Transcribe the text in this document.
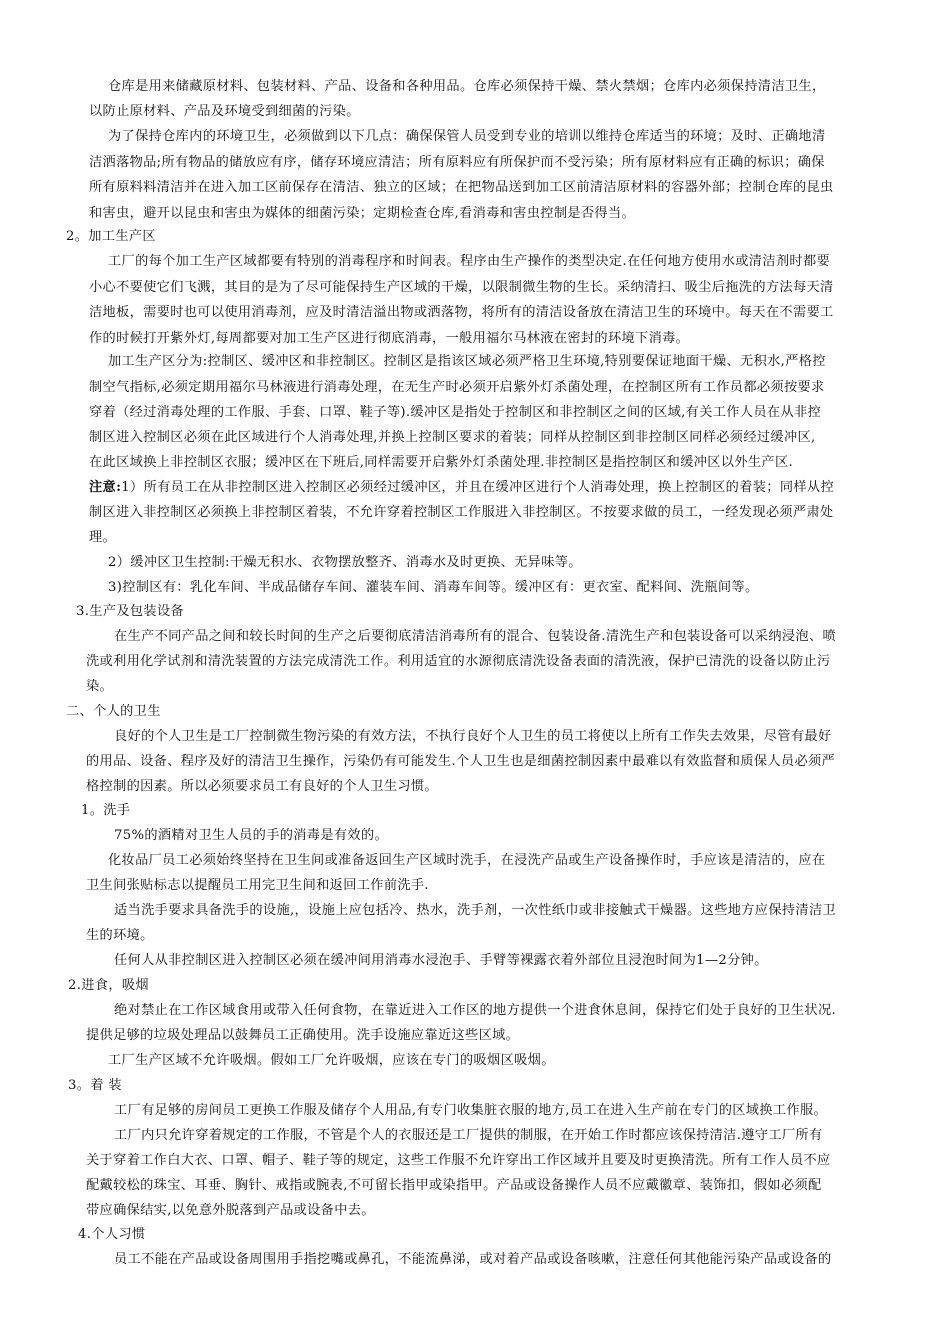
仓库是用来储藏原材料、包装材料、产品、设备和各种用品。仓库必须保持干燥、禁火禁烟；仓库内必须保持清洁卫生，
以防止原材料、产品及环境受到细菌的污染。
为了保持仓库内的环境卫生，必须做到以下几点：确保保管人员受到专业的培训以维持仓库适当的环境；及时、正确地清
洁洒落物品;所有物品的储放应有序，储存环境应清洁；所有原料应有所保护而不受污染；所有原材料应有正确的标识；确保
所有原料料清洁并在进入加工区前保存在清洁、独立的区域；在把物品送到加工区前清洁原材料的容器外部；控制仓库的昆虫
和害虫，避开以昆虫和害虫为媒体的细菌污染；定期检查仓库,看消毒和害虫控制是否得当。
2。加工生产区
工厂的每个加工生产区域都要有特别的消毒程序和时间表。程序由生产操作的类型决定.在任何地方使用水或清洁剂时都要
小心不要使它们飞溅，其目的是为了尽可能保持生产区域的干燥，以限制微生物的生长。采纳清扫、吸尘后拖洗的方法每天清
洁地板，需要时也可以使用消毒剂，应及时清洁溢出物或洒落物，将所有的清洁设备放在清洁卫生的环境中。每天在不需要工
作的时候打开紫外灯,每周都要对加工生产区进行彻底消毒，一般用福尔马林液在密封的环境下消毒。
加工生产区分为:控制区、缓冲区和非控制区。控制区是指该区域必须严格卫生环境,特别要保证地面干燥、无积水,严格控
制空气指标,必须定期用福尔马林液进行消毒处理，在无生产时必须开启紫外灯杀菌处理，在控制区所有工作员都必须按要求
穿着（经过消毒处理的工作服、手套、口罩、鞋子等).缓冲区是指处于控制区和非控制区之间的区域,有关工作人员在从非控
制区进入控制区必须在此区域进行个人消毒处理,并换上控制区要求的着装；同样从控制区到非控制区同样必须经过缓冲区,
在此区域换上非控制区衣服；缓冲区在下班后,同样需要开启紫外灯杀菌处理.非控制区是指控制区和缓冲区以外生产区.
注意:1）所有员工在从非控制区进入控制区必须经过缓冲区，并且在缓冲区进行个人消毒处理，换上控制区的着装；同样从控
制区进入非控制区必须换上非控制区着装，不允许穿着控制区工作服进入非控制区。不按要求做的员工，一经发现必须严肃处
理。
2）缓冲区卫生控制:干燥无积水、衣物摆放整齐、消毒水及时更换、无异味等。
3)控制区有：乳化车间、半成品储存车间、灌装车间、消毒车间等。缓冲区有：更衣室、配料间、洗瓶间等。
3.生产及包装设备
在生产不同产品之间和较长时间的生产之后要彻底清洁消毒所有的混合、包装设备.清洗生产和包装设备可以采纳浸泡、喷
洗或利用化学试剂和清洗装置的方法完成清洗工作。利用适宜的水源彻底清洗设备表面的清洗液，保护已清洗的设备以防止污
染。
二、个人的卫生
良好的个人卫生是工厂控制微生物污染的有效方法，不执行良好个人卫生的员工将使以上所有工作失去效果，尽管有最好
的用品、设备、程序及好的清洁卫生操作，污染仍有可能发生.个人卫生也是细菌控制因素中最难以有效监督和质保人员必须严
格控制的因素。所以必须要求员工有良好的个人卫生习惯。
1。洗手
75%的酒精对卫生人员的手的消毒是有效的。
化妆品厂员工必须始终坚持在卫生间或准备返回生产区域时洗手，在浸洗产品或生产设备操作时，手应该是清洁的，应在
卫生间张贴标志以提醒员工用完卫生间和返回工作前洗手.
适当洗手要求具备洗手的设施,，设施上应包括冷、热水，洗手剂，一次性纸巾或非接触式干燥器。这些地方应保持清洁卫
生的环境。
任何人从非控制区进入控制区必须在缓冲间用消毒水浸泡手、手臂等裸露衣着外部位且浸泡时间为1—2分钟。
2.进食，吸烟
绝对禁止在工作区域食用或带入任何食物，在靠近进入工作区的地方提供一个进食休息间，保持它们处于良好的卫生状况.
提供足够的垃圾处理品以鼓舞员工正确使用。洗手设施应靠近这些区域。
工厂生产区域不允许吸烟。假如工厂允许吸烟，应该在专门的吸烟区吸烟。
3。着 装
工厂有足够的房间员工更换工作服及储存个人用品,有专门收集脏衣服的地方,员工在进入生产前在专门的区域换工作服。
工厂内只允许穿着规定的工作服，不管是个人的衣服还是工厂提供的制服，在开始工作时都应该保持清洁.遵守工厂所有
关于穿着工作白大衣、口罩、帽子、鞋子等的规定，这些工作服不允许穿出工作区域并且要及时更换清洗。所有工作人员不应
配戴较松的珠宝、耳垂、胸针、戒指或腕表,不可留长指甲或染指甲。产品或设备操作人员不应戴徽章、装饰扣，假如必须配
带应确保结实,以免意外脱落到产品或设备中去。
4.个人习惯
员工不能在产品或设备周围用手指挖嘴或鼻孔，不能流鼻涕，或对着产品或设备咳嗽，注意任何其他能污染产品或设备的
